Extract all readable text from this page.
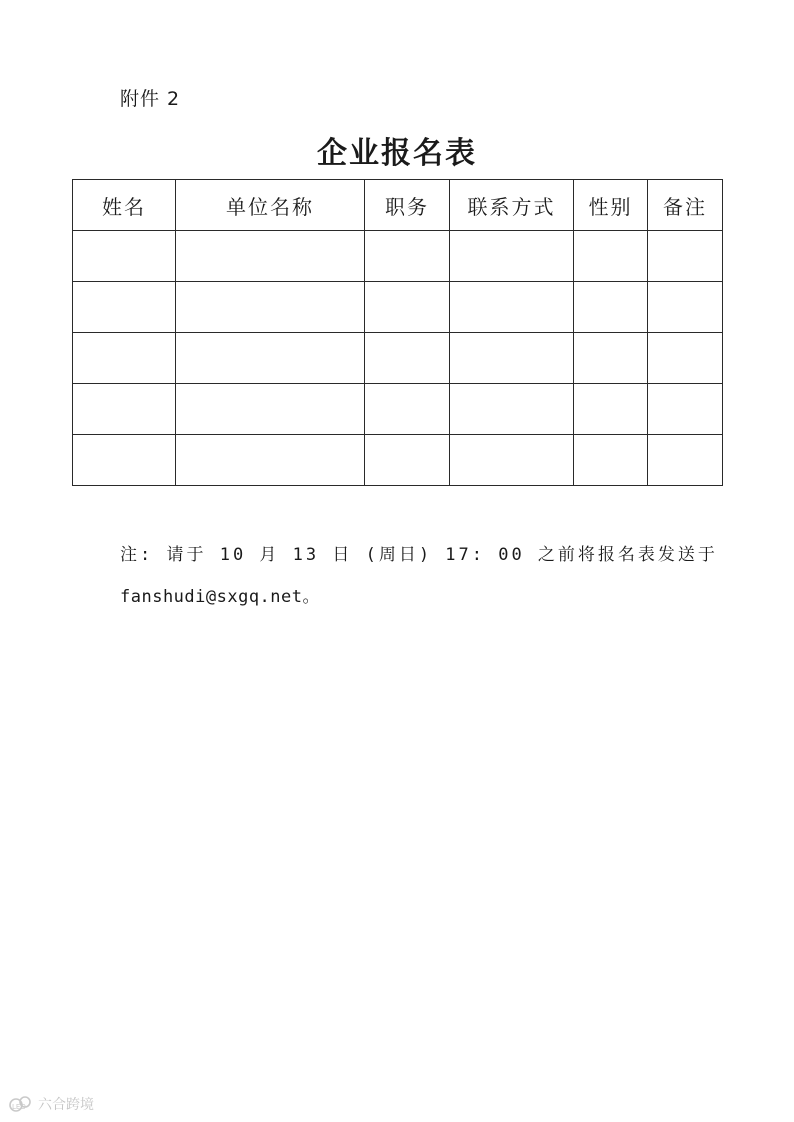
附件 2
企业报名表
姓名	单位名称	职务	联系方式	性别	备注

注: 请于 10 月 13 日 (周日) 17: 00 之前将报名表发送于
fanshudi@sxgq.net。
LEO 六合跨境
